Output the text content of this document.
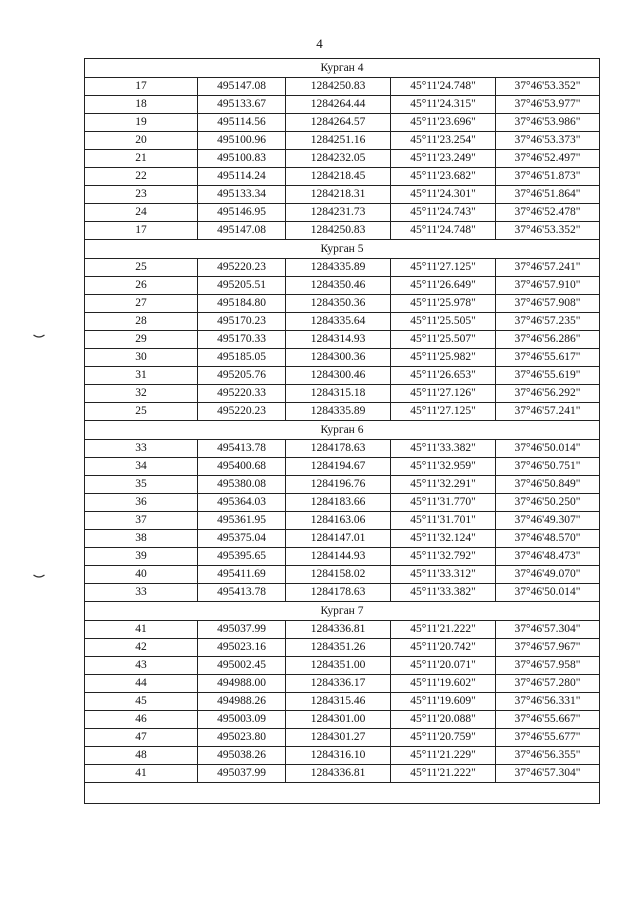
4
Курган 4				
17	495147.08	1284250.83	45°11'24.748"	37°46'53.352"
18	495133.67	1284264.44	45°11'24.315"	37°46'53.977"
19	495114.56	1284264.57	45°11'23.696"	37°46'53.986"
20	495100.96	1284251.16	45°11'23.254"	37°46'53.373"
21	495100.83	1284232.05	45°11'23.249"	37°46'52.497"
22	495114.24	1284218.45	45°11'23.682"	37°46'51.873"
23	495133.34	1284218.31	45°11'24.301"	37°46'51.864"
24	495146.95	1284231.73	45°11'24.743"	37°46'52.478"
17	495147.08	1284250.83	45°11'24.748"	37°46'53.352"
Курган 5				
25	495220.23	1284335.89	45°11'27.125"	37°46'57.241"
26	495205.51	1284350.46	45°11'26.649"	37°46'57.910"
27	495184.80	1284350.36	45°11'25.978"	37°46'57.908"
28	495170.23	1284335.64	45°11'25.505"	37°46'57.235"
29	495170.33	1284314.93	45°11'25.507"	37°46'56.286"
30	495185.05	1284300.36	45°11'25.982"	37°46'55.617"
31	495205.76	1284300.46	45°11'26.653"	37°46'55.619"
32	495220.33	1284315.18	45°11'27.126"	37°46'56.292"
25	495220.23	1284335.89	45°11'27.125"	37°46'57.241"
Курган 6				
33	495413.78	1284178.63	45°11'33.382"	37°46'50.014"
34	495400.68	1284194.67	45°11'32.959"	37°46'50.751"
35	495380.08	1284196.76	45°11'32.291"	37°46'50.849"
36	495364.03	1284183.66	45°11'31.770"	37°46'50.250"
37	495361.95	1284163.06	45°11'31.701"	37°46'49.307"
38	495375.04	1284147.01	45°11'32.124"	37°46'48.570"
39	495395.65	1284144.93	45°11'32.792"	37°46'48.473"
40	495411.69	1284158.02	45°11'33.312"	37°46'49.070"
33	495413.78	1284178.63	45°11'33.382"	37°46'50.014"
Курган 7				
41	495037.99	1284336.81	45°11'21.222"	37°46'57.304"
42	495023.16	1284351.26	45°11'20.742"	37°46'57.967"
43	495002.45	1284351.00	45°11'20.071"	37°46'57.958"
44	494988.00	1284336.17	45°11'19.602"	37°46'57.280"
45	494988.26	1284315.46	45°11'19.609"	37°46'56.331"
46	495003.09	1284301.00	45°11'20.088"	37°46'55.667"
47	495023.80	1284301.27	45°11'20.759"	37°46'55.677"
48	495038.26	1284316.10	45°11'21.229"	37°46'56.355"
41	495037.99	1284336.81	45°11'21.222"	37°46'57.304"
